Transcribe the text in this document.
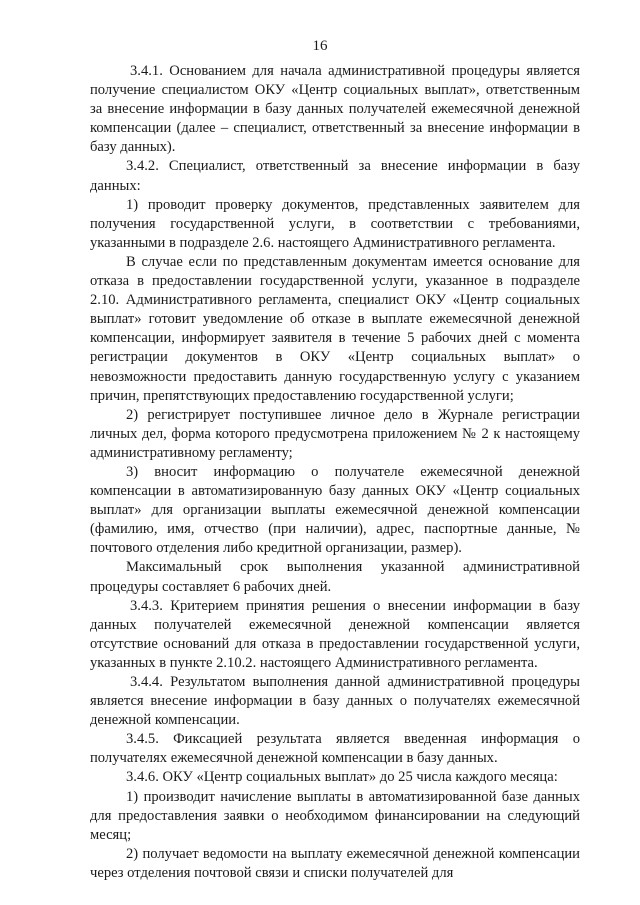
16

3.4.1. Основанием для начала административной процедуры является получение специалистом ОКУ «Центр социальных выплат», ответственным за внесение информации в базу данных получателей ежемесячной денежной компенсации (далее – специалист, ответственный за внесение информации в базу данных).

3.4.2. Специалист, ответственный за внесение информации в базу данных:

1) проводит проверку документов, представленных заявителем для получения государственной услуги, в соответствии с требованиями, указанными в подразделе 2.6. настоящего Административного регламента.

В случае если по представленным документам имеется основание для отказа в предоставлении государственной услуги, указанное в подразделе 2.10. Административного регламента, специалист ОКУ «Центр социальных выплат» готовит уведомление об отказе в выплате ежемесячной денежной компенсации, информирует заявителя в течение 5 рабочих дней с момента регистрации документов в ОКУ «Центр социальных выплат» о невозможности предоставить данную государственную услугу с указанием причин, препятствующих предоставлению государственной услуги;

2) регистрирует поступившее личное дело в Журнале регистрации личных дел, форма которого предусмотрена приложением № 2 к настоящему административному регламенту;

3) вносит информацию о получателе ежемесячной денежной компенсации в автоматизированную базу данных ОКУ «Центр социальных выплат» для организации выплаты ежемесячной денежной компенсации (фамилию, имя, отчество (при наличии), адрес, паспортные данные, № почтового отделения либо кредитной организации, размер).

Максимальный срок выполнения указанной административной процедуры составляет 6 рабочих дней.

3.4.3. Критерием принятия решения о внесении информации в базу данных получателей ежемесячной денежной компенсации является отсутствие оснований для отказа в предоставлении государственной услуги, указанных в пункте 2.10.2. настоящего Административного регламента.

3.4.4. Результатом выполнения данной административной процедуры является внесение информации в базу данных о получателях ежемесячной денежной компенсации.

3.4.5. Фиксацией результата является введенная информация о получателях ежемесячной денежной компенсации в базу данных.

3.4.6. ОКУ «Центр социальных выплат» до 25 числа каждого месяца:

1) производит начисление выплаты в автоматизированной базе данных для предоставления заявки о необходимом финансировании на следующий месяц;

2) получает ведомости на выплату ежемесячной денежной компенсации через отделения почтовой связи и списки получателей для
